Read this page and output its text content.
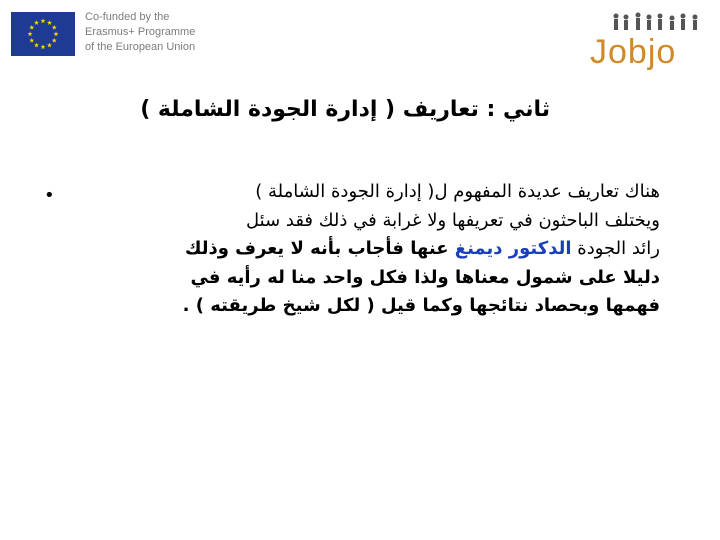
Co-funded by the
Erasmus+ Programme
of the European Union	Jobjo
ثاني : تعاريف ( إدارة الجودة الشاملة )
•	هناك تعاريف عديدة المفهوم ل( إدارة الجودة الشاملة )
ويختلف الباحثون في تعريفها ولا غرابة في ذلك فقد سئل
رائد الجودة الدكتور ديمنغ عنها فأجاب بأنه لا يعرف وذلك
دليلا على شمول معناها ولذا فكل واحد منا له رأيه في
فهمها وبحصاد نتائجها وكما قيل ( لكل شيخ طريقته ) .
